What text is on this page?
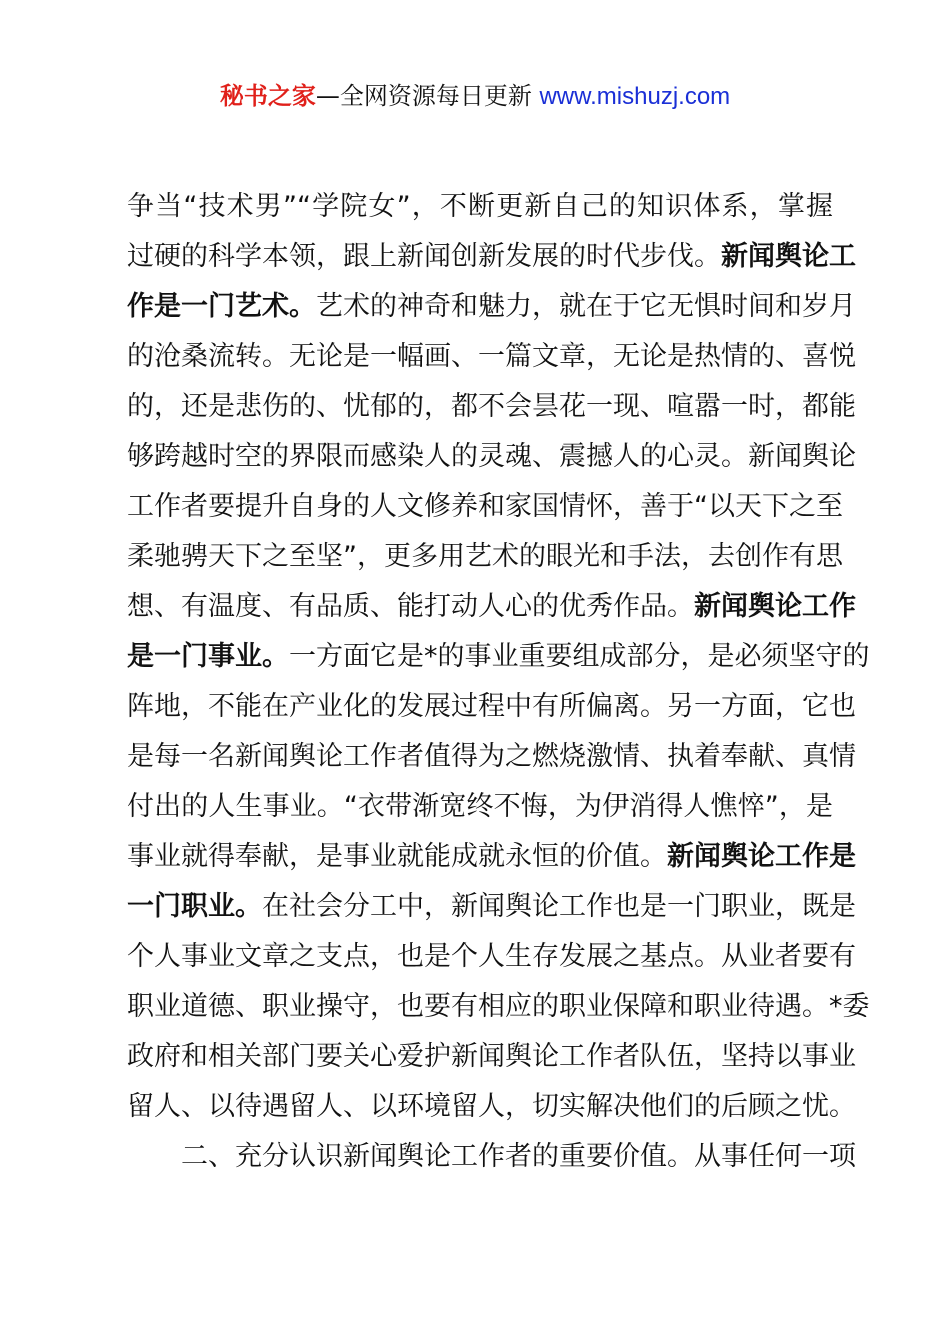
秘书之家—全网资源每日更新 www.mishuzj.com
争当“技术男”“学院女”，不断更新自己的知识体系，掌握
过硬的科学本领，跟上新闻创新发展的时代步伐。新闻舆论工
作是一门艺术。艺术的神奇和魅力，就在于它无惧时间和岁月
的沧桑流转。无论是一幅画、一篇文章，无论是热情的、喜悦
的，还是悲伤的、忧郁的，都不会昙花一现、喧嚣一时，都能
够跨越时空的界限而感染人的灵魂、震撼人的心灵。新闻舆论
工作者要提升自身的人文修养和家国情怀，善于“以天下之至
柔驰骋天下之至坚”，更多用艺术的眼光和手法，去创作有思
想、有温度、有品质、能打动人心的优秀作品。新闻舆论工作
是一门事业。一方面它是*的事业重要组成部分，是必须坚守的
阵地，不能在产业化的发展过程中有所偏离。另一方面，它也
是每一名新闻舆论工作者值得为之燃烧激情、执着奉献、真情
付出的人生事业。“衣带渐宽终不悔，为伊消得人憔悴”，是
事业就得奉献，是事业就能成就永恒的价值。新闻舆论工作是
一门职业。在社会分工中，新闻舆论工作也是一门职业，既是
个人事业文章之支点，也是个人生存发展之基点。从业者要有
职业道德、职业操守，也要有相应的职业保障和职业待遇。*委
政府和相关部门要关心爱护新闻舆论工作者队伍，坚持以事业
留人、以待遇留人、以环境留人，切实解决他们的后顾之忧。
二、充分认识新闻舆论工作者的重要价值。从事任何一项
